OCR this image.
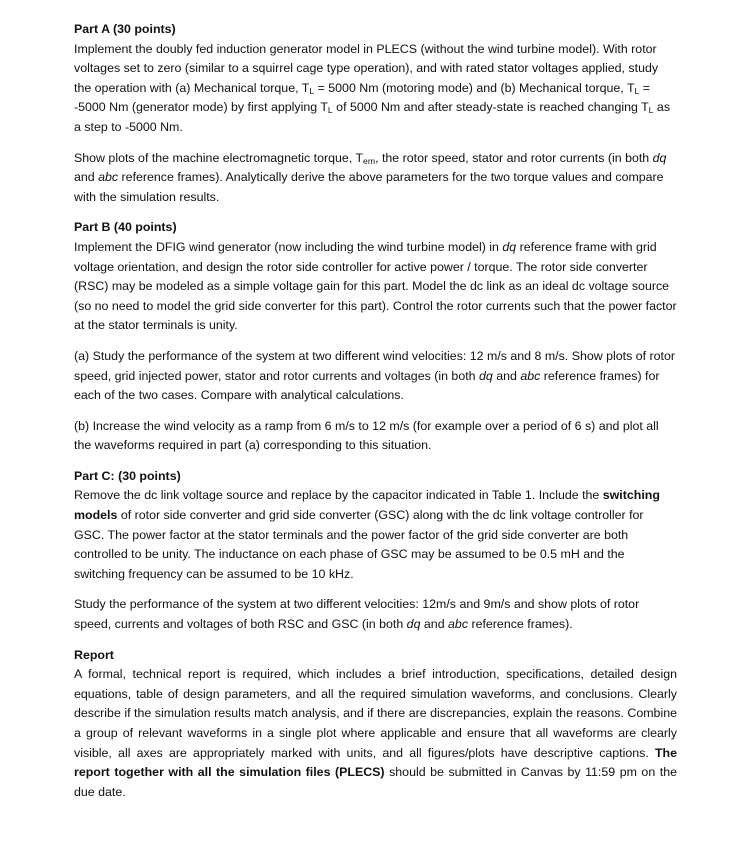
Part A (30 points)

Implement the doubly fed induction generator model in PLECS (without the wind turbine model). With rotor voltages set to zero (similar to a squirrel cage type operation), and with rated stator voltages applied, study the operation with (a) Mechanical torque, $T_L = 5000$ Nm (motoring mode) and (b) Mechanical torque, $T_L = -5000$ Nm (generator mode) by first applying $T_L$ of 5000 Nm and after steady-state is reached changing $T_L$ as a step to -5000 Nm.

Show plots of the machine electromagnetic torque, $T_{em}$, the rotor speed, stator and rotor currents (in both dq and abc reference frames). Analytically derive the above parameters for the two torque values and compare with the simulation results.

Part B (40 points)

Implement the DFIG wind generator (now including the wind turbine model) in dq reference frame with grid voltage orientation, and design the rotor side controller for active power / torque. The rotor side converter (RSC) may be modeled as a simple voltage gain for this part. Model the dc link as an ideal dc voltage source (so no need to model the grid side converter for this part). Control the rotor currents such that the power factor at the stator terminals is unity.

(a) Study the performance of the system at two different wind velocities: 12 m/s and 8 m/s. Show plots of rotor speed, grid injected power, stator and rotor currents and voltages (in both dq and abc reference frames) for each of the two cases. Compare with analytical calculations.

(b) Increase the wind velocity as a ramp from 6 m/s to 12 m/s (for example over a period of 6 s) and plot all the waveforms required in part (a) corresponding to this situation.

Part C: (30 points)

Remove the dc link voltage source and replace by the capacitor indicated in Table 1. Include the switching models of rotor side converter and grid side converter (GSC) along with the dc link voltage controller for GSC. The power factor at the stator terminals and the power factor of the grid side converter are both controlled to be unity. The inductance on each phase of GSC may be assumed to be 0.5 mH and the switching frequency can be assumed to be 10 kHz.

Study the performance of the system at two different velocities: 12m/s and 9m/s and show plots of rotor speed, currents and voltages of both RSC and GSC (in both dq and abc reference frames).

Report

A formal, technical report is required, which includes a brief introduction, specifications, detailed design equations, table of design parameters, and all the required simulation waveforms, and conclusions. Clearly describe if the simulation results match analysis, and if there are discrepancies, explain the reasons. Combine a group of relevant waveforms in a single plot where applicable and ensure that all waveforms are clearly visible, all axes are appropriately marked with units, and all figures/plots have descriptive captions. The report together with all the simulation files (PLECS) should be submitted in Canvas by 11:59 pm on the due date.
